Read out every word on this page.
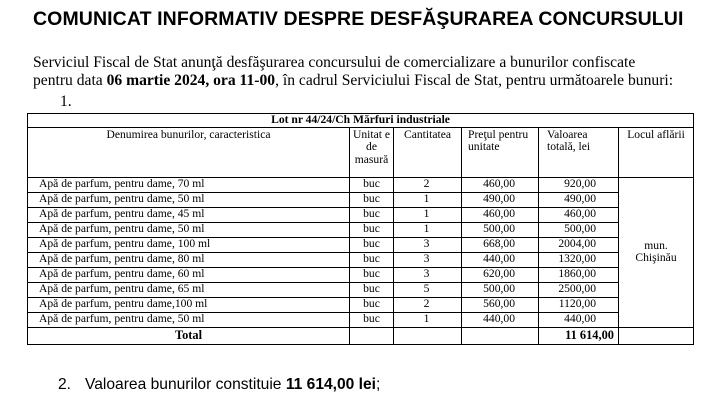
COMUNICAT INFORMATIV DESPRE DESFĂŞURAREA CONCURSULUI
Serviciul Fiscal de Stat anunţă desfăşurarea concursului de comercializare a bunurilor confiscate
pentru data 06 martie 2024, ora 11-00, în cadrul Serviciului Fiscal de Stat, pentru următoarele bunuri:
1.
Lot nr 44/24/Ch Mărfuri industriale					
Denumirea bunurilor, caracteristica	Unitat e de masură	Cantitatea	Preţul pentru unitate	Valoarea totală, lei	Locul aflării
Apă de parfum, pentru dame, 70 ml	buc	2	460,00	920,00	mun.
Chişinău
Apă de parfum, pentru dame, 50 ml	buc	1	490,00	490,00	
Apă de parfum, pentru dame, 45 ml	buc	1	460,00	460,00	
Apă de parfum, pentru dame, 50 ml	buc	1	500,00	500,00	
Apă de parfum, pentru dame, 100 ml	buc	3	668,00	2004,00	
Apă de parfum, pentru dame, 80 ml	buc	3	440,00	1320,00	
Apă de parfum, pentru dame, 60 ml	buc	3	620,00	1860,00	
Apă de parfum, pentru dame, 65 ml	buc	5	500,00	2500,00	
Apă de parfum, pentru dame,100 ml	buc	2	560,00	1120,00	
Apă de parfum, pentru dame, 50 ml	buc	1	440,00	440,00	
Total				11 614,00	
2. Valoarea bunurilor constituie 11 614,00 lei;
